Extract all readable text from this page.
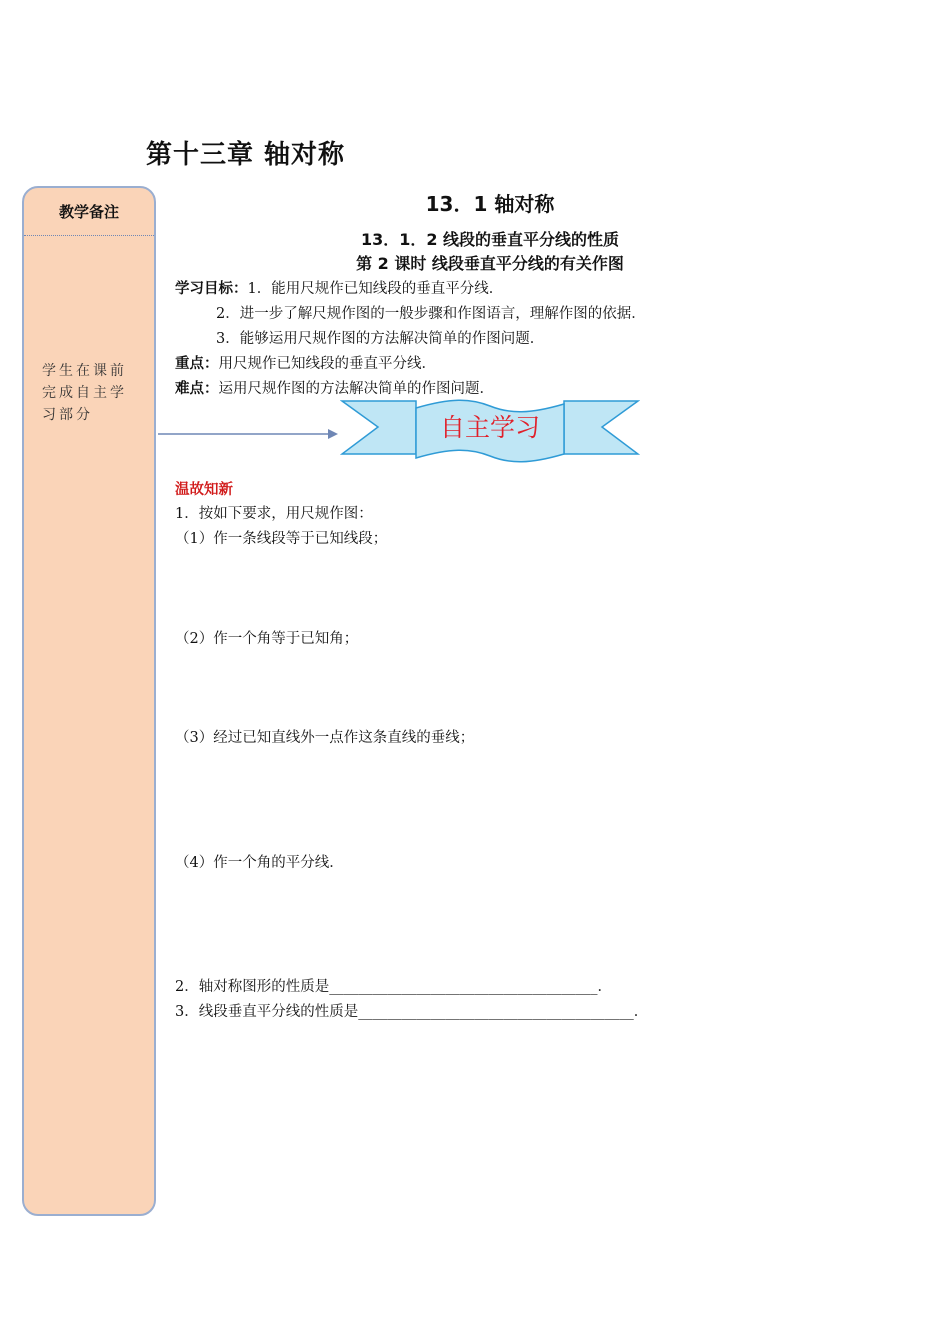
第十三章 轴对称
教学备注
学生在课前
完成自主学
习部分
13．1 轴对称
13．1．2 线段的垂直平分线的性质
第 2 课时 线段垂直平分线的有关作图
学习目标：1．能用尺规作已知线段的垂直平分线．
2．进一步了解尺规作图的一般步骤和作图语言，理解作图的依据．
3．能够运用尺规作图的方法解决简单的作图问题．
重点：用尺规作已知线段的垂直平分线．
难点：运用尺规作图的方法解决简单的作图问题．
自主学习
温故知新
1．按如下要求，用尺规作图：
（1）作一条线段等于已知线段；
（2）作一个角等于已知角；
（3）经过已知直线外一点作这条直线的垂线；
（4）作一个角的平分线．
2．轴对称图形的性质是_____________________________________．
3．线段垂直平分线的性质是______________________________________．
